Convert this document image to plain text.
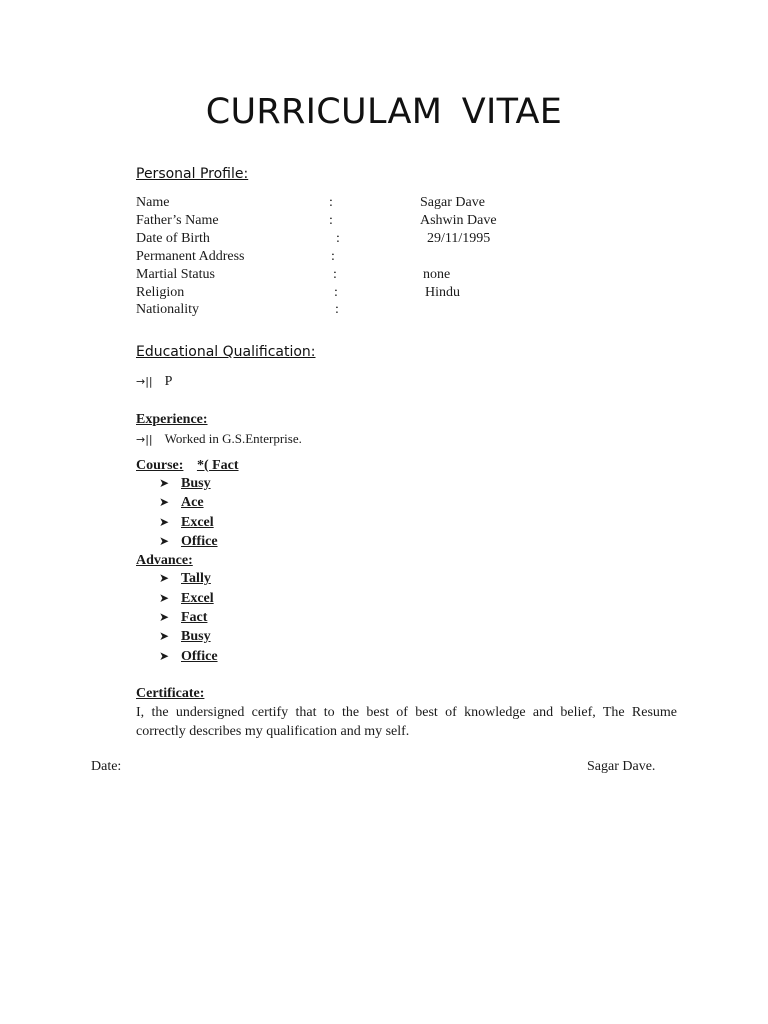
CURRICULAM VITAE
Personal Profile:
Name	:	Sagar Dave
Father’s Name	:	Ashwin Dave
Date of Birth	:	29/11/1995
Permanent Address	:
Martial Status	:	none
Religion	:	Hindu
Nationality	:
Educational Qualification:
→|| P
Experience:
→|| Worked in G.S.Enterprise.
Course: *( Fact
➤ Busy
➤ Ace
➤ Excel
➤ Office
Advance:
➤ Tally
➤ Excel
➤ Fact
➤ Busy
➤ Office
Certificate:
I, the undersigned certify that to the best of best of knowledge and belief, The Resume
correctly describes my qualification and my self.
Date:	Sagar Dave.
